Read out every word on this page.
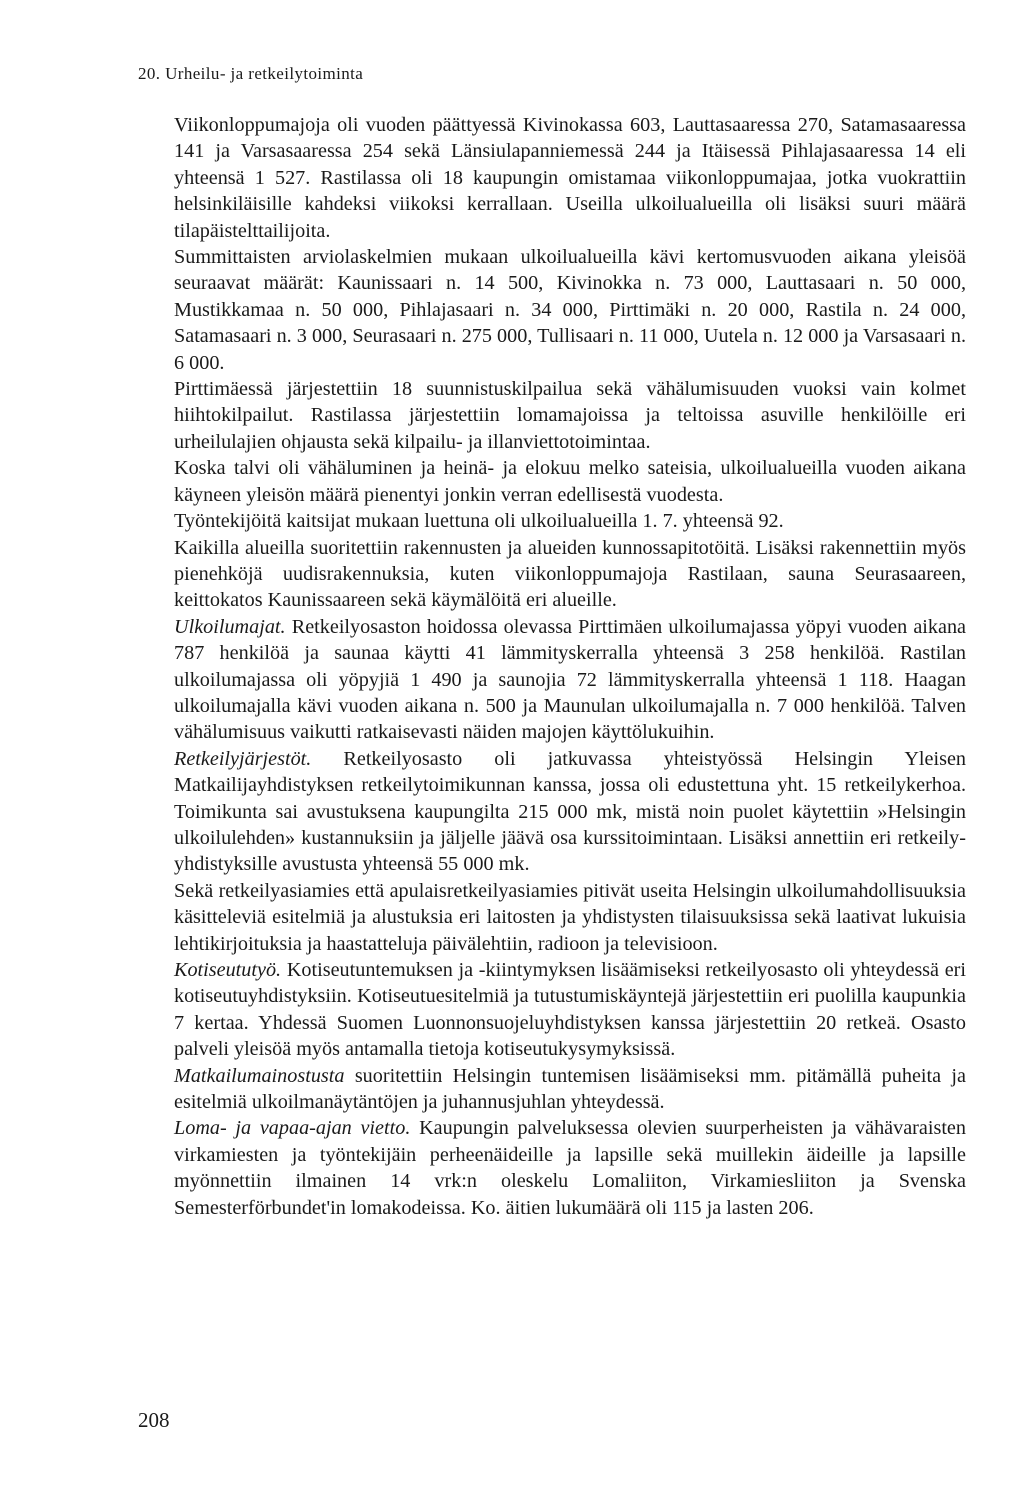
20. Urheilu- ja retkeilytoiminta

Viikonloppumajoja oli vuoden päättyessä Kivinokassa 603, Lauttasaaressa 270, Satamasaaressa 141 ja Varsasaaressa 254 sekä Länsiulapanniemessä 244 ja Itäisessä Pihlajasaaressa 14 eli yhteensä 1 527. Rastilassa oli 18 kaupungin omistamaa viikonloppumajaa, jotka vuokrattiin helsinkiläisille kahdeksi viikoksi kerrallaan. Useilla ulkoilualueilla oli lisäksi suuri määrä tilapäistelttailijoita.

Summittaisten arviolaskelmien mukaan ulkoilualueilla kävi kertomusvuoden aikana yleisöä seuraavat määrät: Kaunissaari n. 14 500, Kivinokka n. 73 000, Lauttasaari n. 50 000, Mustikkamaa n. 50 000, Pihlajasaari n. 34 000, Pirttimäki n. 20 000, Rastila n. 24 000, Satamasaari n. 3 000, Seurasaari n. 275 000, Tullisaari n. 11 000, Uutela n. 12 000 ja Varsasaari n. 6 000.

Pirttimäessä järjestettiin 18 suunnistuskilpailua sekä vähälumisuuden vuoksi vain kolmet hiihtokilpailut. Rastilassa järjestettiin lomamajoissa ja teltoissa asuville henkilöille eri urheilulajien ohjausta sekä kilpailu- ja illanviettotoimintaa.

Koska talvi oli vähäluminen ja heinä- ja elokuu melko sateisia, ulkoilualueilla vuoden aikana käyneen yleisön määrä pienentyi jonkin verran edellisestä vuodesta.

Työntekijöitä kaitsijat mukaan luettuna oli ulkoilualueilla 1. 7. yhteensä 92.

Kaikilla alueilla suoritettiin rakennusten ja alueiden kunnossapitotöitä. Lisäksi rakennettiin myös pienehköjä uudisrakennuksia, kuten viikonloppumajoja Rastilaan, sauna Seurasaareen, keittokatos Kaunissaareen sekä käymälöitä eri alueille.

Ulkoilumajat. Retkeilyosaston hoidossa olevassa Pirttimäen ulkoilumajassa yöpyi vuoden aikana 787 henkilöä ja saunaa käytti 41 lämmityskerralla yhteensä 3 258 henkilöä. Rastilan ulkoilumajassa oli yöpyjiä 1 490 ja saunojia 72 lämmityskerralla yhteensä 1 118. Haagan ulkoilumajalla kävi vuoden aikana n. 500 ja Maunulan ulkoilumajalla n. 7 000 henkilöä. Talven vähälumisuus vaikutti ratkaisevasti näiden majojen käyttölukuihin.

Retkeilyjärjestöt. Retkeilyosasto oli jatkuvassa yhteistyössä Helsingin Yleisen Matkailijayhdistyksen retkeilytoimikunnan kanssa, jossa oli edustettuna yht. 15 retkeilykerhoa. Toimikunta sai avustuksena kaupungilta 215 000 mk, mistä noin puolet käytettiin »Helsingin ulkoilulehden» kustannuksiin ja jäljelle jäävä osa kurssitoimintaan. Lisäksi annettiin eri retkeily-yhdistyksille avustusta yhteensä 55 000 mk.

Sekä retkeilyasiamies että apulaisretkeilyasiamies pitivät useita Helsingin ulkoilumahdollisuuksia käsitteleviä esitelmiä ja alustuksia eri laitosten ja yhdistysten tilaisuuksissa sekä laativat lukuisia lehtikirjoituksia ja haastatteluja päivälehtiin, radioon ja televisioon.

Kotiseututyö. Kotiseutuntemuksen ja -kiintymyksen lisäämiseksi retkeilyosasto oli yhteydessä eri kotiseutuyhdistyksiin. Kotiseutuesitelmiä ja tutustumiskäyntejä järjestettiin eri puolilla kaupunkia 7 kertaa. Yhdessä Suomen Luonnonsuojeluyhdistyksen kanssa järjestettiin 20 retkeä. Osasto palveli yleisöä myös antamalla tietoja kotiseutukysymyksissä.

Matkailumainostusta suoritettiin Helsingin tuntemisen lisäämiseksi mm. pitämällä puheita ja esitelmiä ulkoilmanäytäntöjen ja juhannusjuhlan yhteydessä.

Loma- ja vapaa-ajan vietto. Kaupungin palveluksessa olevien suurperheisten ja vähävaraisten virkamiesten ja työntekijäin perheenäideille ja lapsille sekä muillekin äideille ja lapsille myönnettiin ilmainen 14 vrk:n oleskelu Lomaliiton, Virkamiesliiton ja Svenska Semesterförbundet'in lomakodeissa. Ko. äitien lukumäärä oli 115 ja lasten 206.

208
